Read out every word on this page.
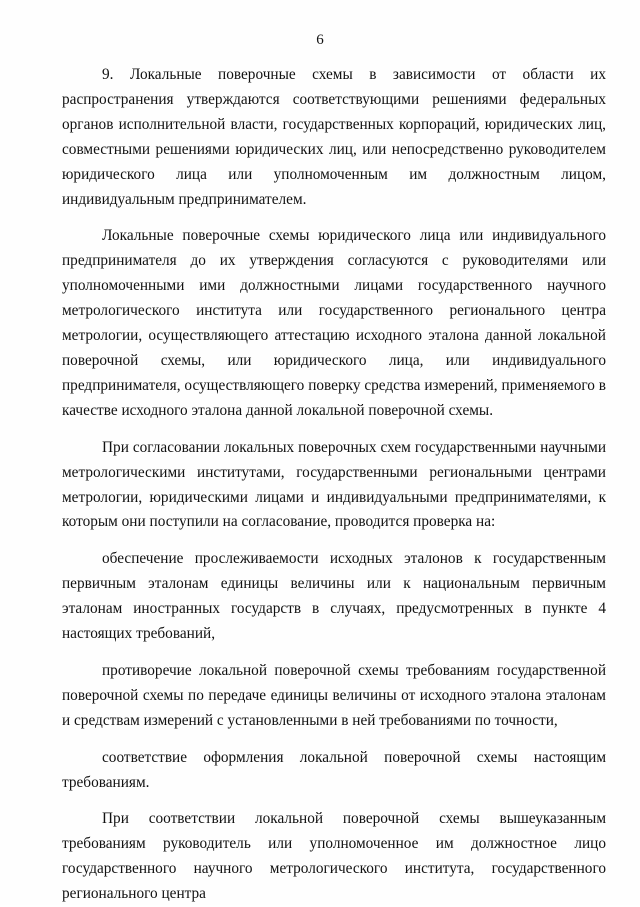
6

9. Локальные поверочные схемы в зависимости от области их распространения утверждаются соответствующими решениями федеральных органов исполнительной власти, государственных корпораций, юридических лиц, совместными решениями юридических лиц, или непосредственно руководителем юридического лица или уполномоченным им должностным лицом, индивидуальным предпринимателем.

Локальные поверочные схемы юридического лица или индивидуального предпринимателя до их утверждения согласуются с руководителями или уполномоченными ими должностными лицами государственного научного метрологического института или государственного регионального центра метрологии, осуществляющего аттестацию исходного эталона данной локальной поверочной схемы, или юридического лица, или индивидуального предпринимателя, осуществляющего поверку средства измерений, применяемого в качестве исходного эталона данной локальной поверочной схемы.

При согласовании локальных поверочных схем государственными научными метрологическими институтами, государственными региональными центрами метрологии, юридическими лицами и индивидуальными предпринимателями, к которым они поступили на согласование, проводится проверка на:

обеспечение прослеживаемости исходных эталонов к государственным первичным эталонам единицы величины или к национальным первичным эталонам иностранных государств в случаях, предусмотренных в пункте 4 настоящих требований,

противоречие локальной поверочной схемы требованиям государственной поверочной схемы по передаче единицы величины от исходного эталона эталонам и средствам измерений с установленными в ней требованиями по точности,

соответствие оформления локальной поверочной схемы настоящим требованиям.

При соответствии локальной поверочной схемы вышеуказанным требованиям руководитель или уполномоченное им должностное лицо государственного научного метрологического института, государственного регионального центра
